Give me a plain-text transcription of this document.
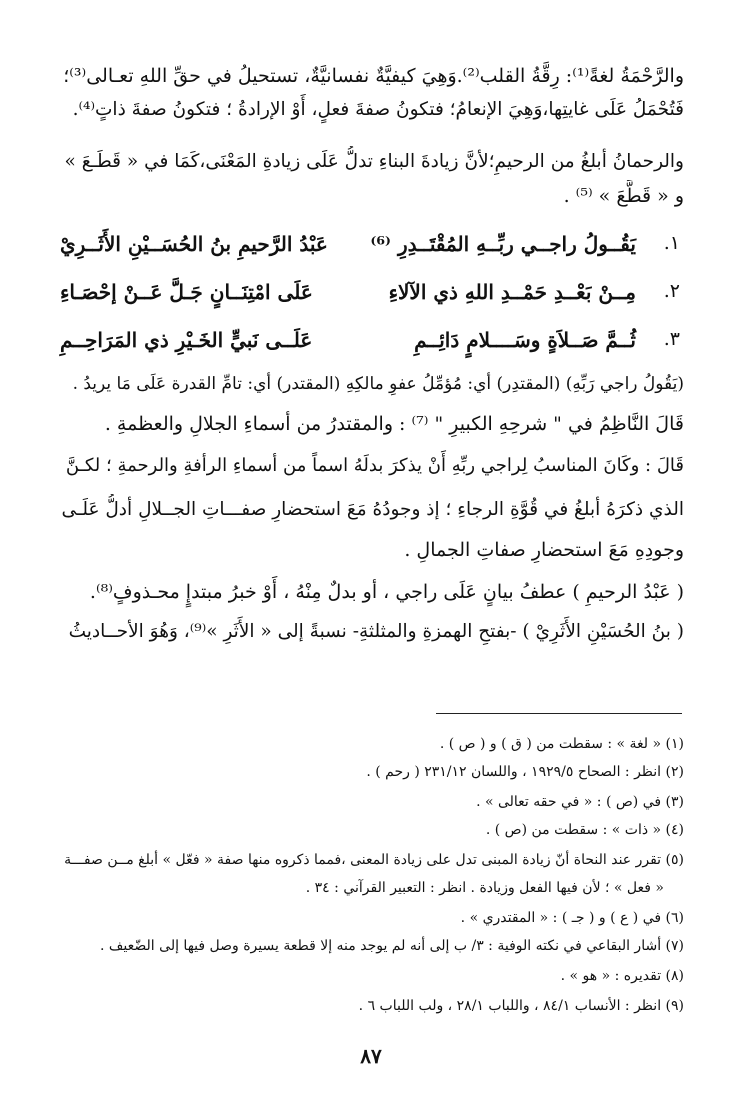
والرَّحْمَةُ لغةً⁽¹⁾: رِقَّةُ القلب⁽²⁾.وَهِيَ كيفيَّةٌ نفسانيَّةٌ، تستحيلُ في حقِّ اللهِ تعـالى⁽³⁾؛
فَتُحْمَلُ عَلَى غايتِها،وَهِيَ الإنعامُ؛ فتكونُ صفةَ فعلٍ، أَوْ الإرادةُ ؛ فتكونُ صفةَ ذاتٍ⁽⁴⁾.
والرحمانُ أبلغُ من الرحيمِ؛لأنَّ زيادةَ البناءِ تدلُّ عَلَى زيادةِ المَعْنَى،كَمَا في « قَطَـعَ »
و « قَطَّعَ » ⁽⁵⁾ .
١.
يَقُــولُ راجــي ربِّــهِ المُقْتَــدِرِ ⁽⁶⁾
عَبْدُ الرَّحيمِ بنُ الحُسَــيْنِ الأَثَــرِيْ
٢.
مِــنْ بَعْــدِ حَمْــدِ اللهِ ذي الآلاءِ
عَلَى امْتِنَــانٍ جَـلَّ عَــنْ إحْصَـاءِ
٣.
ثُــمَّ صَــلاَةٍ وسَــــلامٍ دَائِــمِ
عَلَــى نَبيٍّ الخَـيْرِ ذي المَرَاحِــمِ
(يَقُولُ راجي رَبِّهِ) (المقتدِر) أي: مُؤمِّلُ عفوِ مالكِهِ (المقتدر) أي: تامِّ القدرة عَلَى مَا يريدُ .
قَالَ النَّاظِمُ في " شرحِهِ الكبيرِ " ⁽⁷⁾ : والمقتدرُ من أسماءِ الجلالِ والعظمةِ .
قَالَ : وكَانَ المناسبُ لِراجي ربِّهِ أَنْ يذكرَ بدلَهُ اسماً من أسماءِ الرأفةِ والرحمةِ ؛ لكـنَّ
الذي ذكرَهُ أبلغُ في قُوَّةِ الرجاءِ ؛ إذ وجودُهُ مَعَ استحضارِ صفـــاتِ الجــلالِ أدلُّ عَلَـى
وجودِهِ مَعَ استحضارِ صفاتِ الجمالِ .
( عَبْدُ الرحيمِ ) عطفُ بيانٍ عَلَى راجي ، أو بدلٌ مِنْهُ ، أَوْ خبرُ مبتدإٍ محـذوفٍ⁽⁸⁾.
( بنُ الحُسَيْنِ الأَثَرِيْ ) -بفتحِ الهمزةِ والمثلثةِ- نسبةً إلى « الأَثَرِ »⁽⁹⁾، وَهُوَ الأحــاديثُ
(١) « لغة » : سقطت من ( ق ) و ( ص ) .
(٢) انظر : الصحاح ١٩٢٩/٥ ، واللسان ٢٣١/١٢ ( رحم ) .
(٣) في (ص ) : « في حقه تعالى » .
(٤) « ذات » : سقطت من (ص ) .
(٥) تقرر عند النحاة أنّ زيادة المبنى تدل على زيادة المعنى ،فمما ذكروه منها صفة « فعّل » أبلغ مــن صفـــة
« فعل » ؛ لأن فيها الفعل وزيادة . انظر : التعبير القرآني : ٣٤ .
(٦) في ( ع ) و ( جـ ) : « المقتدري » .
(٧) أشار البقاعي في نكته الوفية : ٣/ ب إلى أنه لم يوجد منه إلا قطعة يسيرة وصل فيها إلى الضّعيف .
(٨) تقديره : « هو » .
(٩) انظر : الأنساب ٨٤/١ ، واللباب ٢٨/١ ، ولب اللباب ٦ .
٨٧
